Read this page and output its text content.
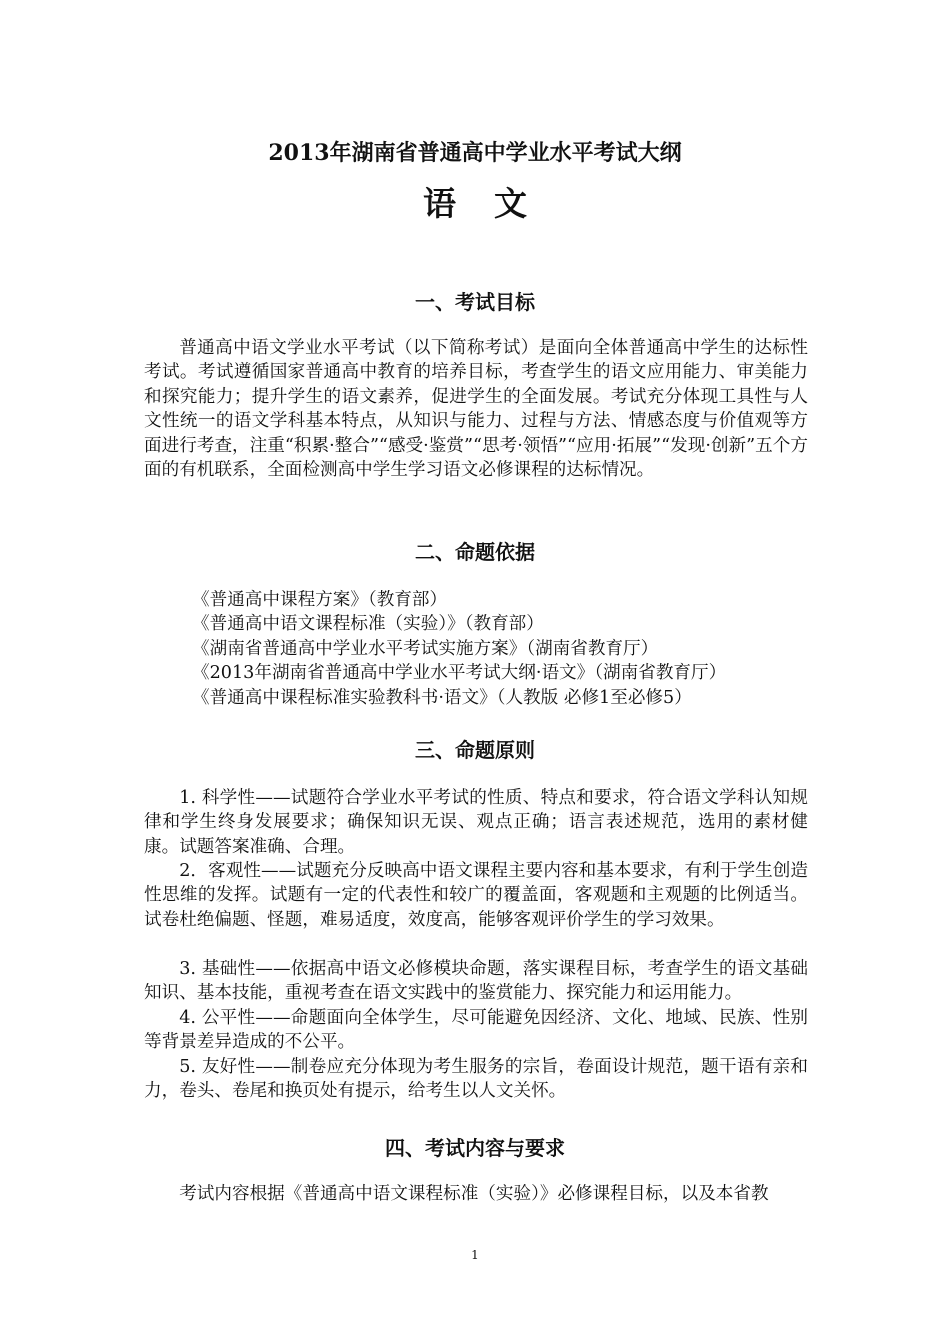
2013年湖南省普通高中学业水平考试大纲
语文
一、考试目标

普通高中语文学业水平考试（以下简称考试）是面向全体普通高中学生的达标性考试。考试遵循国家普通高中教育的培养目标，考查学生的语文应用能力、审美能力和探究能力；提升学生的语文素养，促进学生的全面发展。考试充分体现工具性与人文性统一的语文学科基本特点，从知识与能力、过程与方法、情感态度与价值观等方面进行考查，注重“积累·整合”“感受·鉴赏”“思考·领悟”“应用·拓展”“发现·创新”五个方面的有机联系，全面检测高中学生学习语文必修课程的达标情况。

二、命题依据
《普通高中课程方案》（教育部）
《普通高中语文课程标准（实验）》（教育部）
《湖南省普通高中学业水平考试实施方案》（湖南省教育厅）
《2013年湖南省普通高中学业水平考试大纲·语文》（湖南省教育厅）
《普通高中课程标准实验教科书·语文》（人教版 必修1至必修5）
三、命题原则

1. 科学性——试题符合学业水平考试的性质、特点和要求，符合语文学科认知规律和学生终身发展要求；确保知识无误、观点正确；语言表述规范，选用的素材健康。试题答案准确、合理。

2．客观性——试题充分反映高中语文课程主要内容和基本要求，有利于学生创造性思维的发挥。试题有一定的代表性和较广的覆盖面，客观题和主观题的比例适当。试卷杜绝偏题、怪题，难易适度，效度高，能够客观评价学生的学习效果。

3. 基础性——依据高中语文必修模块命题，落实课程目标，考查学生的语文基础知识、基本技能，重视考查在语文实践中的鉴赏能力、探究能力和运用能力。

4. 公平性——命题面向全体学生，尽可能避免因经济、文化、地域、民族、性别等背景差异造成的不公平。

5. 友好性——制卷应充分体现为考生服务的宗旨，卷面设计规范，题干语有亲和力，卷头、卷尾和换页处有提示，给考生以人文关怀。

四、考试内容与要求

考试内容根据《普通高中语文课程标准（实验）》必修课程目标，以及本省教

1
